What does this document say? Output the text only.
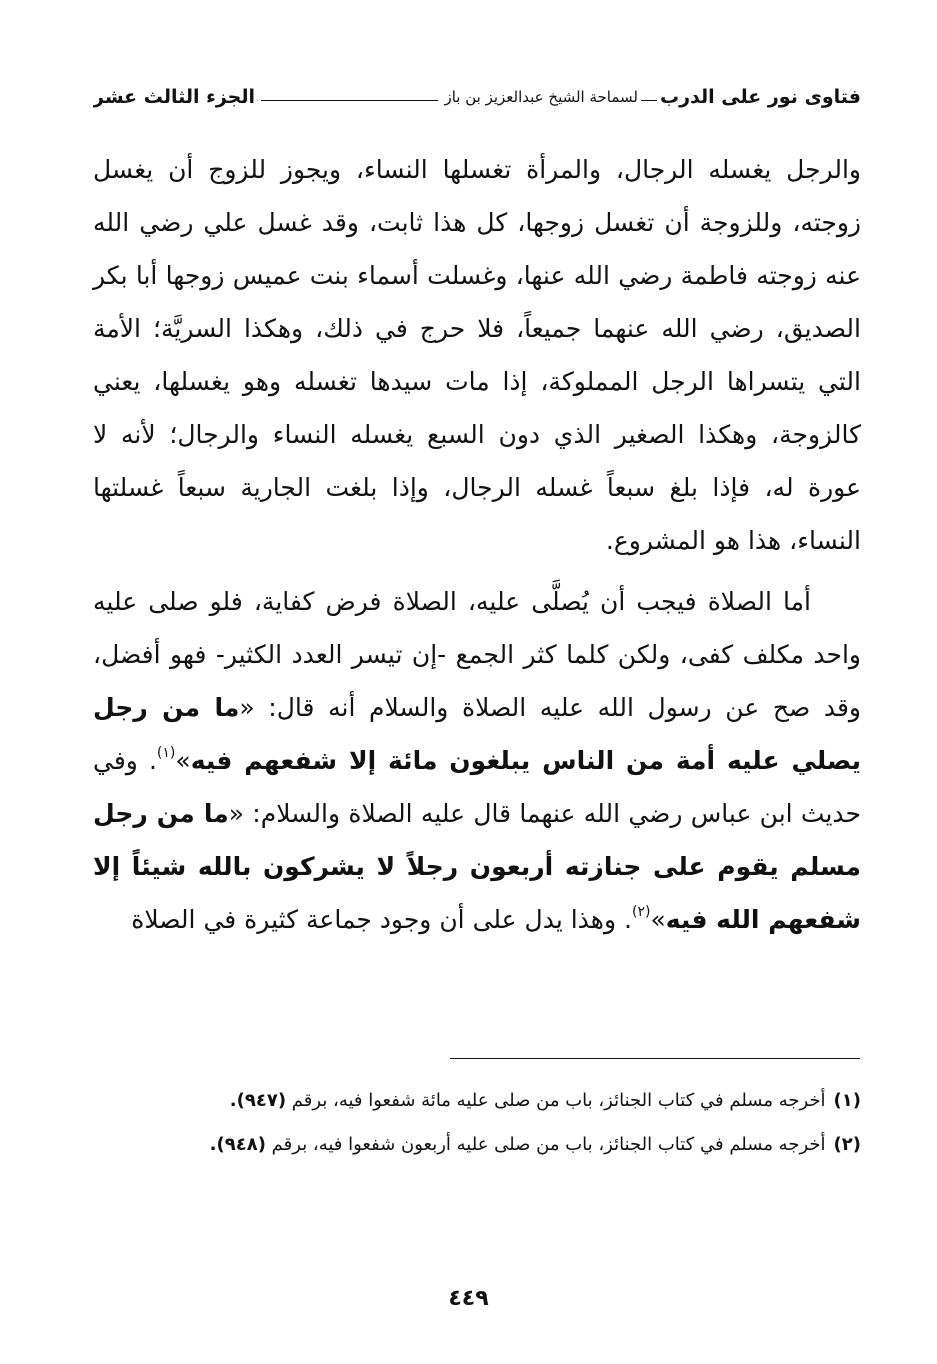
فتاوى نور على الدرب
لسماحة الشيخ عبدالعزيز بن باز
الجزء الثالث عشر

والرجل يغسله الرجال، والمرأة تغسلها النساء، ويجوز للزوج أن يغسل زوجته، وللزوجة أن تغسل زوجها، كل هذا ثابت، وقد غسل علي رضي الله عنه زوجته فاطمة رضي الله عنها، وغسلت أسماء بنت عميس زوجها أبا بكر الصديق، رضي الله عنهما جميعاً، فلا حرج في ذلك، وهكذا السريَّة؛ الأمة التي يتسراها الرجل المملوكة، إذا مات سيدها تغسله وهو يغسلها، يعني كالزوجة، وهكذا الصغير الذي دون السبع يغسله النساء والرجال؛ لأنه لا عورة له، فإذا بلغ سبعاً غسله الرجال، وإذا بلغت الجارية سبعاً غسلتها النساء، هذا هو المشروع.

أما الصلاة فيجب أن يُصلَّى عليه، الصلاة فرض كفاية، فلو صلى عليه واحد مكلف كفى، ولكن كلما كثر الجمع -إن تيسر العدد الكثير- فهو أفضل، وقد صح عن رسول الله عليه الصلاة والسلام أنه قال: «ما من رجل يصلي عليه أمة من الناس يبلغون مائة إلا شفعهم فيه»$^{(١)}$. وفي حديث ابن عباس رضي الله عنهما قال عليه الصلاة والسلام: «ما من رجل مسلم يقوم على جنازته أربعون رجلاً لا يشركون بالله شيئاً إلا شفعهم الله فيه»$^{(٢)}$. وهذا يدل على أن وجود جماعة كثيرة في الصلاة

(١)
أخرجه مسلم في كتاب الجنائز، باب من صلى عليه مائة شفعوا فيه، برقم (٩٤٧).
(٢)
أخرجه مسلم في كتاب الجنائز، باب من صلى عليه أربعون شفعوا فيه، برقم (٩٤٨).
٤٤٩
